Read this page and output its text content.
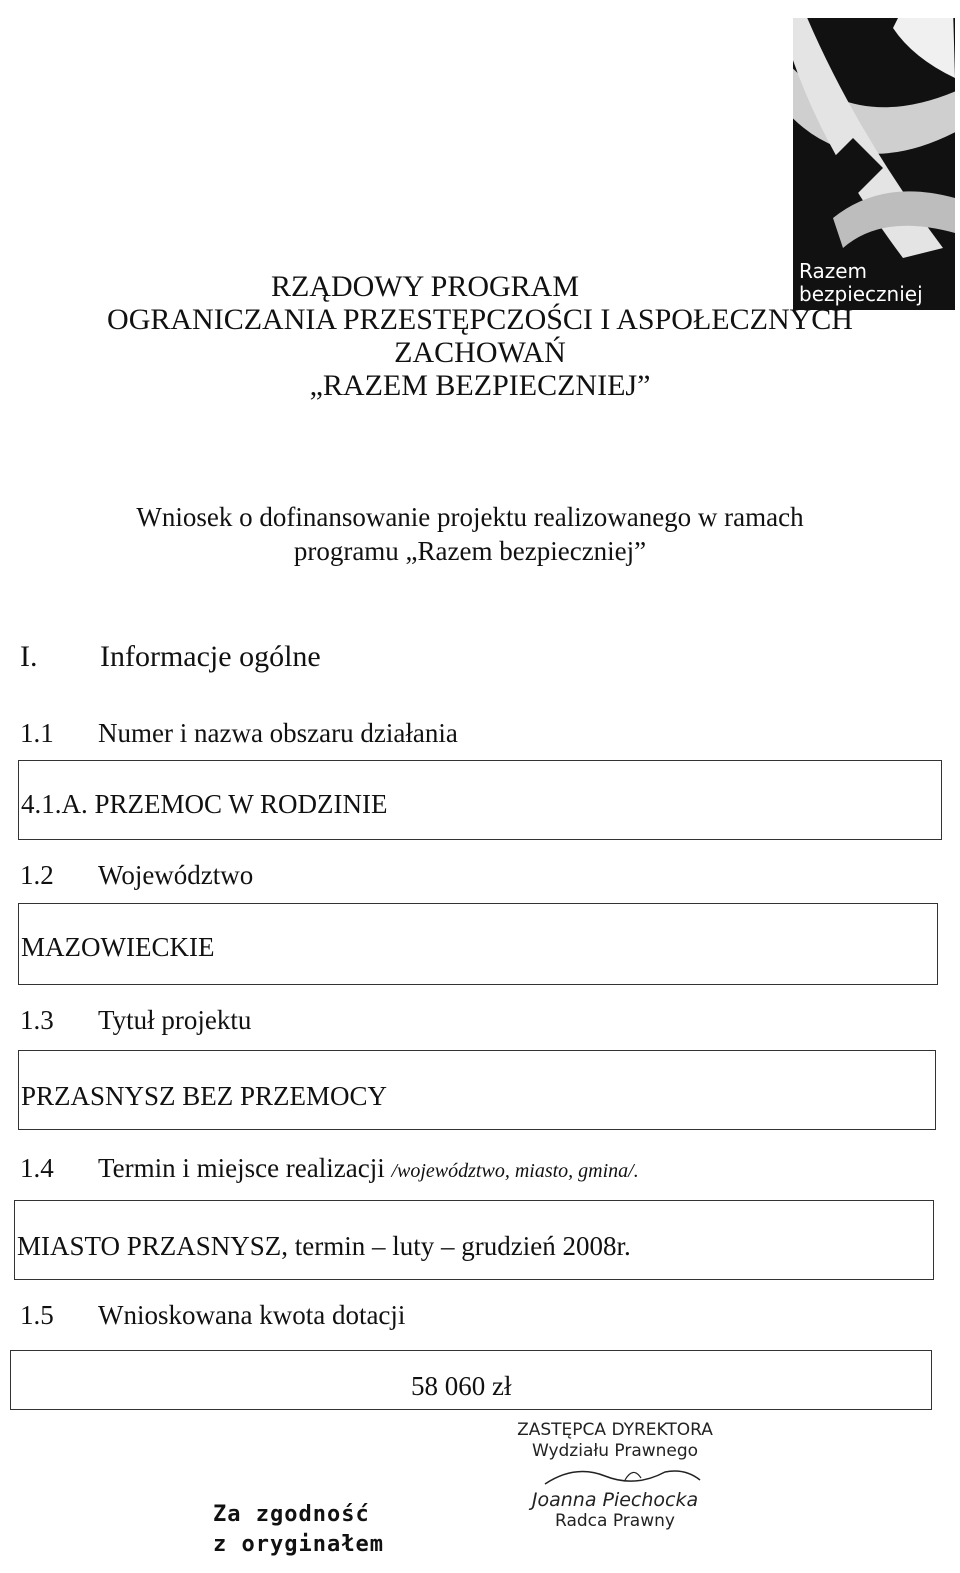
Razem
bezpieczniej
RZĄDOWY PROGRAM
OGRANICZANIA PRZESTĘPCZOŚCI I ASPOŁECZNYCH
ZACHOWAŃ
„RAZEM BEZPIECZNIEJ”
Wniosek o dofinansowanie projektu realizowanego w ramach
programu „Razem bezpieczniej”
I. Informacje ogólne
1.1 Numer i nazwa obszaru działania
4.1.A. PRZEMOC W RODZINIE
1.2 Województwo
MAZOWIECKIE
1.3 Tytuł projektu
PRZASNYSZ BEZ PRZEMOCY
1.4 Termin i miejsce realizacji /województwo, miasto, gmina/.
MIASTO PRZASNYSZ, termin – luty – grudzień 2008r.
1.5 Wnioskowana kwota dotacji
58 060 zł
ZASTĘPCA DYREKTORA
Wydziału Prawnego
Joanna Piechocka
Radca Prawny
Za zgodność
z oryginałem
